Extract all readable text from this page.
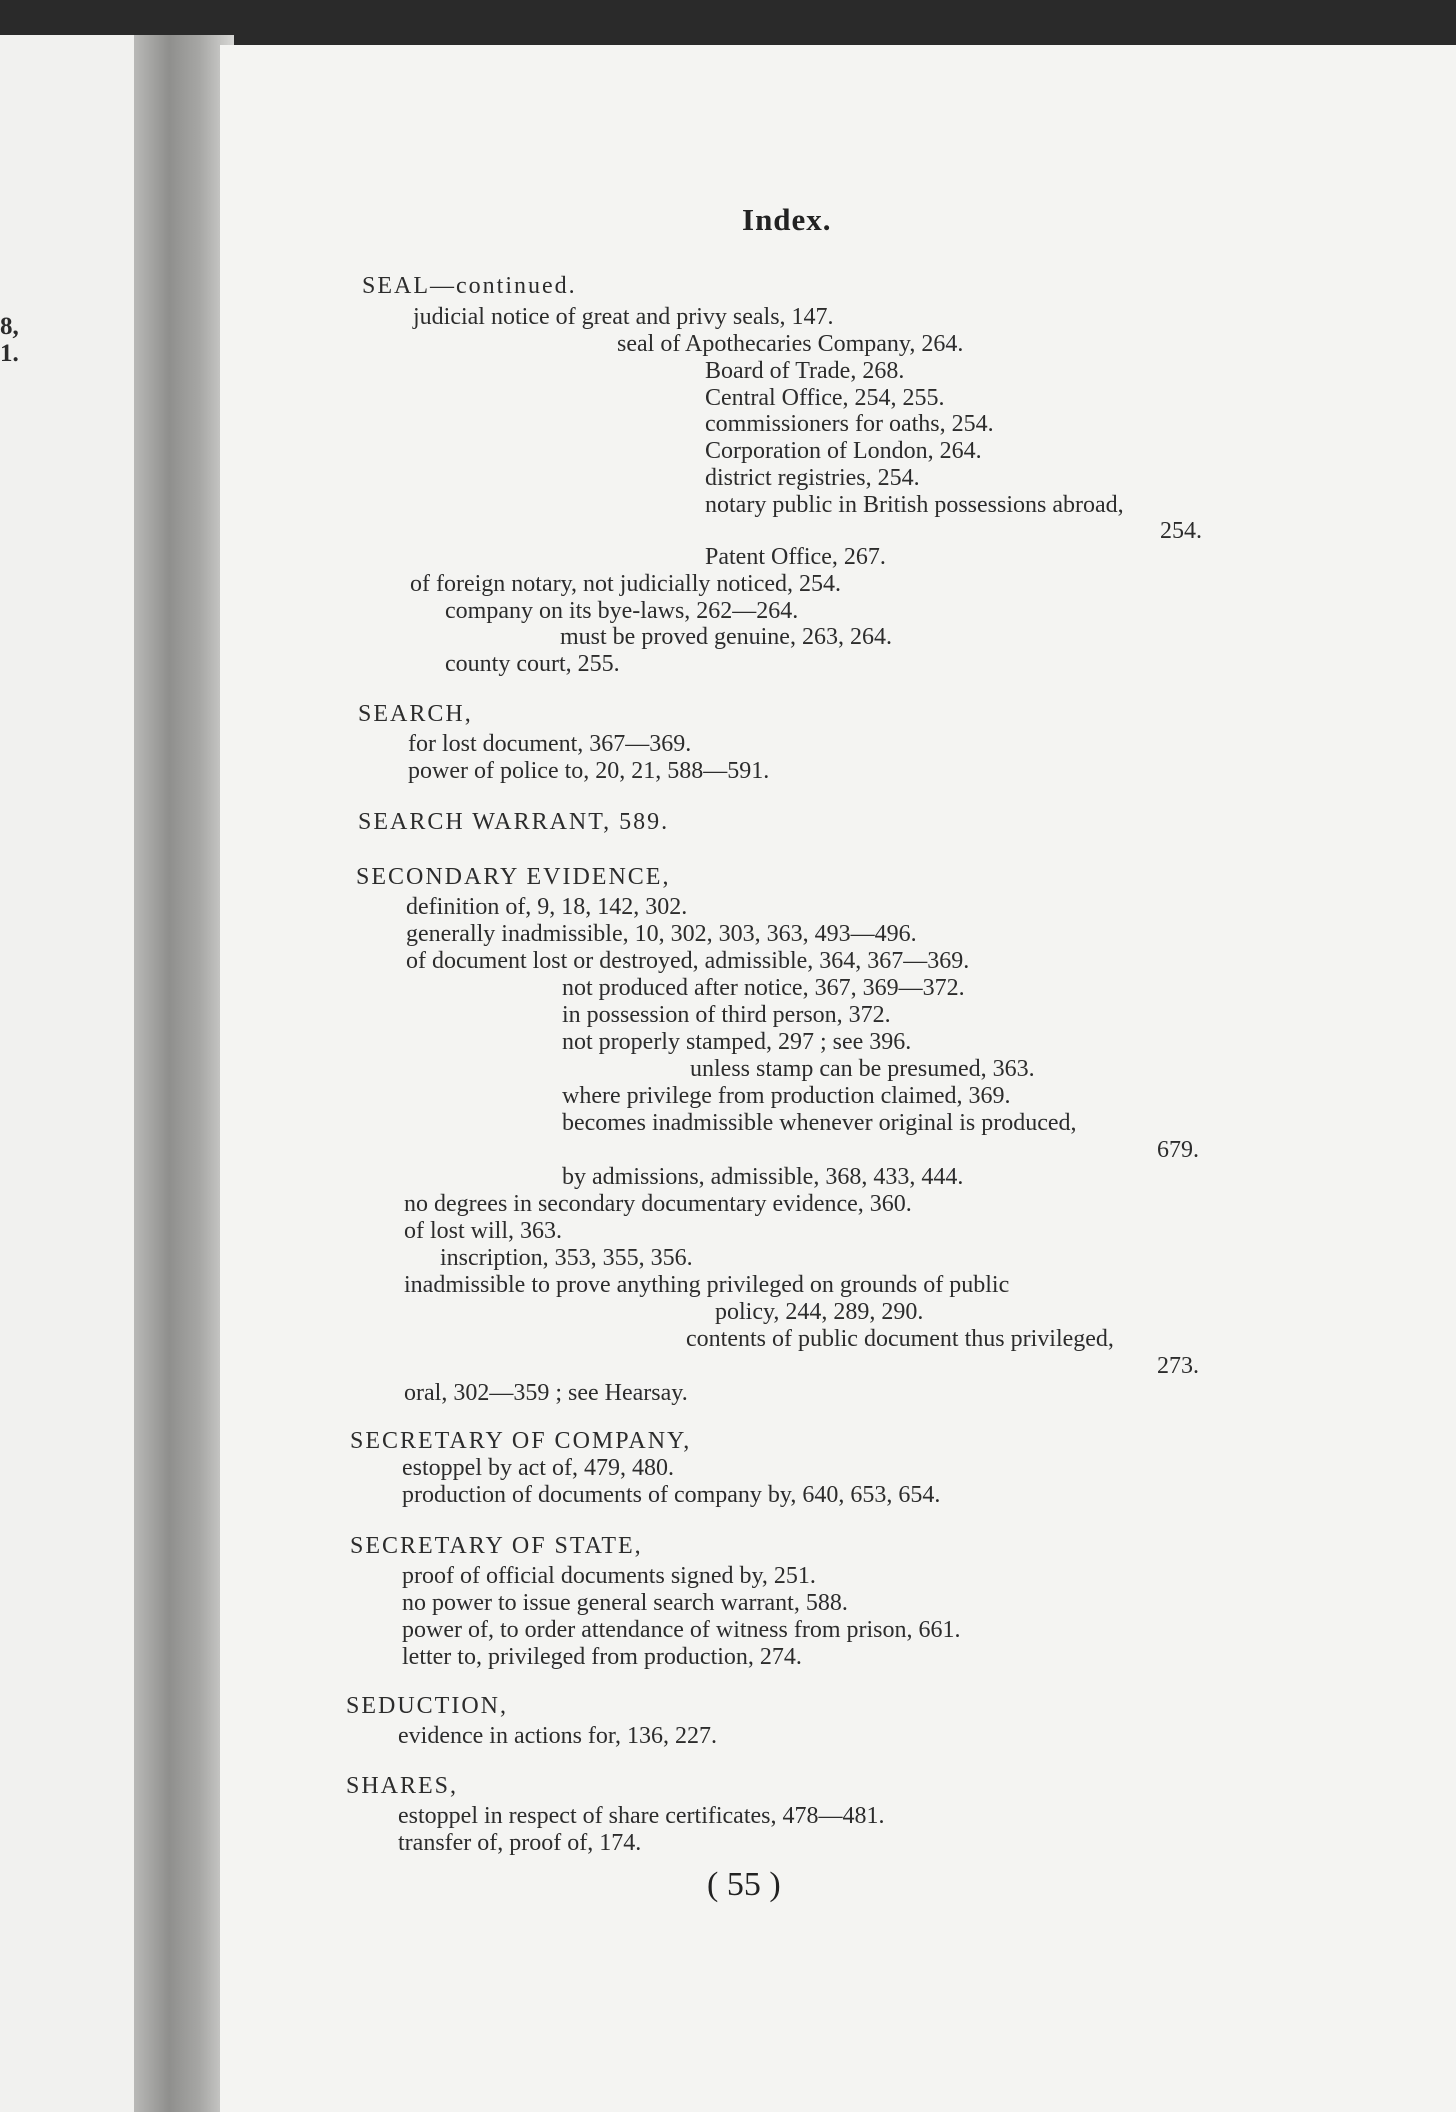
8,
1.
Index.
SEAL—continued.
judicial notice of great and privy seals, 147.
seal of Apothecaries Company, 264.
Board of Trade, 268.
Central Office, 254, 255.
commissioners for oaths, 254.
Corporation of London, 264.
district registries, 254.
notary public in British possessions abroad,
254.
Patent Office, 267.
of foreign notary, not judicially noticed, 254.
company on its bye-laws, 262—264.
must be proved genuine, 263, 264.
county court, 255.
SEARCH,
for lost document, 367—369.
power of police to, 20, 21, 588—591.
SEARCH WARRANT, 589.
SECONDARY EVIDENCE,
definition of, 9, 18, 142, 302.
generally inadmissible, 10, 302, 303, 363, 493—496.
of document lost or destroyed, admissible, 364, 367—369.
not produced after notice, 367, 369—372.
in possession of third person, 372.
not properly stamped, 297 ; see 396.
unless stamp can be presumed, 363.
where privilege from production claimed, 369.
becomes inadmissible whenever original is produced,
679.
by admissions, admissible, 368, 433, 444.
no degrees in secondary documentary evidence, 360.
of lost will, 363.
inscription, 353, 355, 356.
inadmissible to prove anything privileged on grounds of public
policy, 244, 289, 290.
contents of public document thus privileged,
273.
oral, 302—359 ; see Hearsay.
SECRETARY OF COMPANY,
estoppel by act of, 479, 480.
production of documents of company by, 640, 653, 654.
SECRETARY OF STATE,
proof of official documents signed by, 251.
no power to issue general search warrant, 588.
power of, to order attendance of witness from prison, 661.
letter to, privileged from production, 274.
SEDUCTION,
evidence in actions for, 136, 227.
SHARES,
estoppel in respect of share certificates, 478—481.
transfer of, proof of, 174.
( 55 )
